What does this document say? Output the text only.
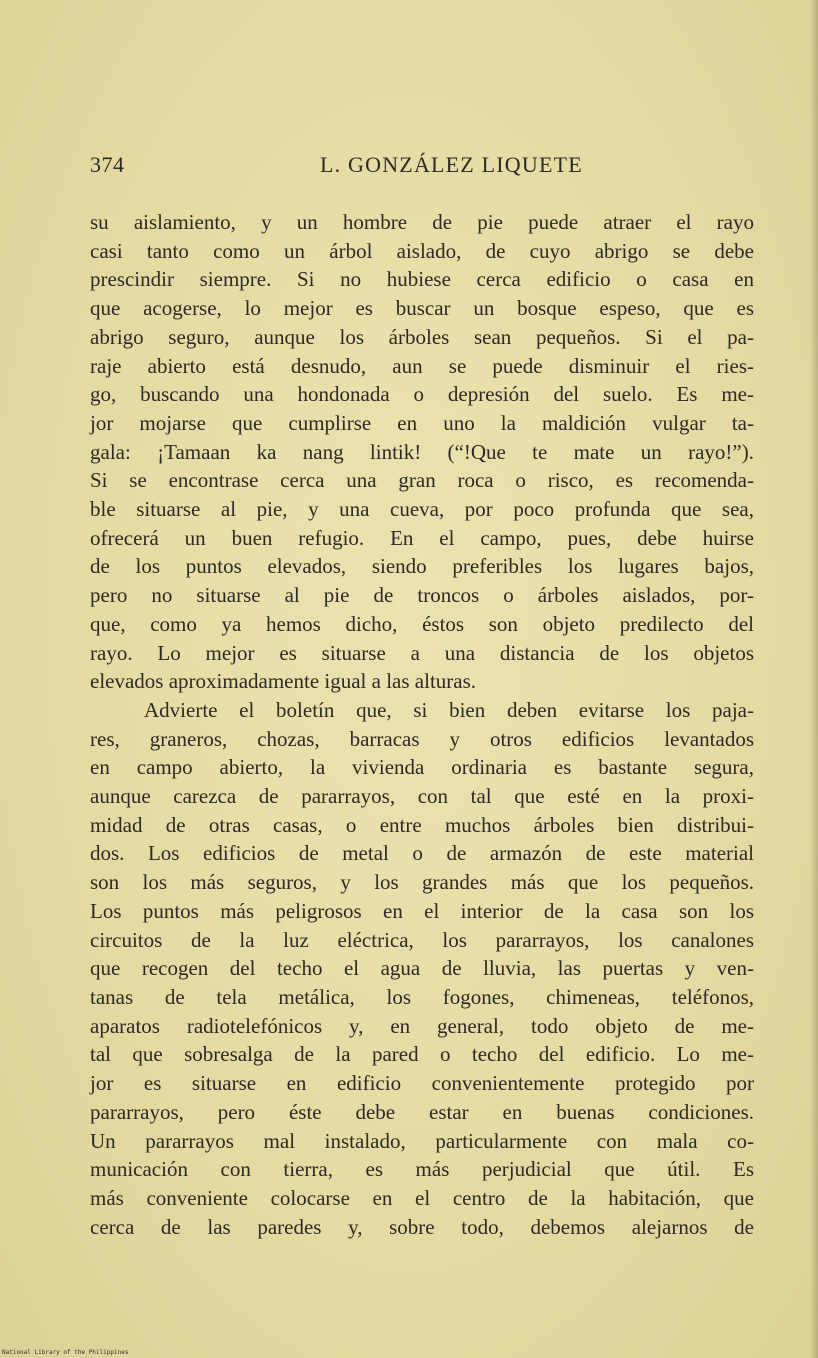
374	L. GONZÁLEZ LIQUETE
su aislamiento, y un hombre de pie puede atraer el rayo
casi tanto como un árbol aislado, de cuyo abrigo se debe
prescindir siempre. Si no hubiese cerca edificio o casa en
que acogerse, lo mejor es buscar un bosque espeso, que es
abrigo seguro, aunque los árboles sean pequeños. Si el pa-
raje abierto está desnudo, aun se puede disminuir el ries-
go, buscando una hondonada o depresión del suelo. Es me-
jor mojarse que cumplirse en uno la maldición vulgar ta-
gala: ¡Tamaan ka nang lintik! (“!Que te mate un rayo!”).
Si se encontrase cerca una gran roca o risco, es recomenda-
ble situarse al pie, y una cueva, por poco profunda que sea,
ofrecerá un buen refugio. En el campo, pues, debe huirse
de los puntos elevados, siendo preferibles los lugares bajos,
pero no situarse al pie de troncos o árboles aislados, por-
que, como ya hemos dicho, éstos son objeto predilecto del
rayo. Lo mejor es situarse a una distancia de los objetos
elevados aproximadamente igual a las alturas.
Advierte el boletín que, si bien deben evitarse los paja-
res, graneros, chozas, barracas y otros edificios levantados
en campo abierto, la vivienda ordinaria es bastante segura,
aunque carezca de pararrayos, con tal que esté en la proxi-
midad de otras casas, o entre muchos árboles bien distribui-
dos. Los edificios de metal o de armazón de este material
son los más seguros, y los grandes más que los pequeños.
Los puntos más peligrosos en el interior de la casa son los
circuitos de la luz eléctrica, los pararrayos, los canalones
que recogen del techo el agua de lluvia, las puertas y ven-
tanas de tela metálica, los fogones, chimeneas, teléfonos,
aparatos radiotelefónicos y, en general, todo objeto de me-
tal que sobresalga de la pared o techo del edificio. Lo me-
jor es situarse en edificio convenientemente protegido por
pararrayos, pero éste debe estar en buenas condiciones.
Un pararrayos mal instalado, particularmente con mala co-
municación con tierra, es más perjudicial que útil. Es
más conveniente colocarse en el centro de la habitación, que
cerca de las paredes y, sobre todo, debemos alejarnos de
National Library of the Philippines
